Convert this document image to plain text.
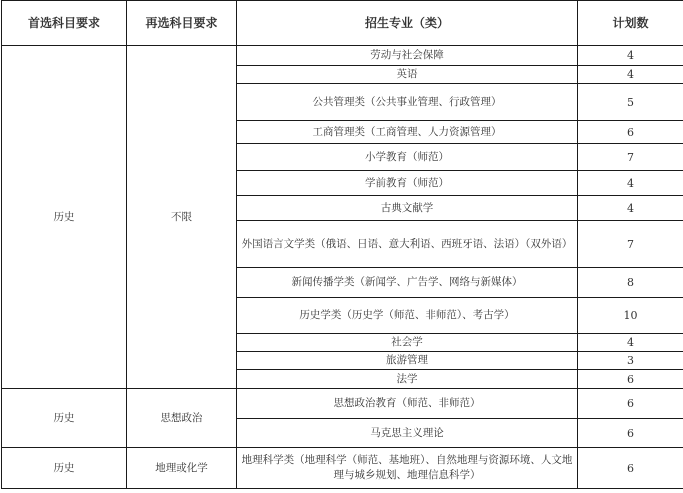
首选科目要求	再选科目要求	招生专业（类）	计划数
历史	不限	劳动与社会保障	4
		英语	4
		公共管理类（公共事业管理、行政管理）	5
		工商管理类（工商管理、人力资源管理）	6
		小学教育（师范）	7
		学前教育（师范）	4
		古典文献学	4
		外国语言文学类（俄语、日语、意大利语、西班牙语、法语）（双外语）	7
		新闻传播学类（新闻学、广告学、网络与新媒体）	8
		历史学类（历史学（师范、非师范）、考古学）	10
		社会学	4
		旅游管理	3
		法学	6
历史	思想政治	思想政治教育（师范、非师范）	6
		马克思主义理论	6
历史	地理或化学	地理科学类（地理科学（师范、基地班）、自然地理与资源环境、人文地理与城乡规划、地理信息科学）	6
